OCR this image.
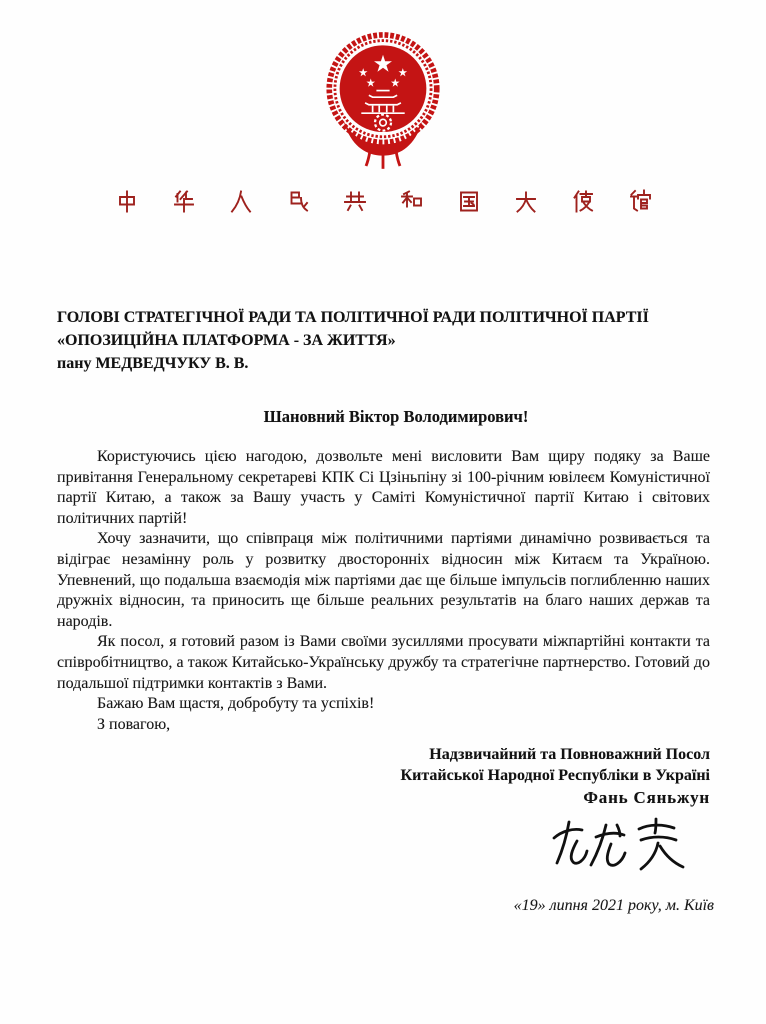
ГОЛОВІ СТРАТЕГІЧНОЇ РАДИ ТА ПОЛІТИЧНОЇ РАДИ ПОЛІТИЧНОЇ ПАРТІЇ
«ОПОЗИЦІЙНА ПЛАТФОРМА - ЗА ЖИТТЯ»
пану МЕДВЕДЧУКУ В. В.
Шановний Віктор Володимирович!

Користуючись цією нагодою, дозвольте мені висловити Вам щиру подяку за Ваше привітання Генеральному секретареві КПК Сі Цзіньпіну зі 100-річним ювілеєм Комуністичної партії Китаю, а також за Вашу участь у Саміті Комуністичної партії Китаю і світових політичних партій!

Хочу зазначити, що співпраця між політичними партіями динамічно розвивається та відіграє незамінну роль у розвитку двосторонніх відносин між Китаєм та Україною. Упевнений, що подальша взаємодія між партіями дає ще більше імпульсів поглибленню наших дружніх відносин, та приносить ще більше реальних результатів на благо наших держав та народів.

Як посол, я готовий разом із Вами своїми зусиллями просувати міжпартійні контакти та співробітництво, а також Китайсько-Українську дружбу та стратегічне партнерство. Готовий до подальшої підтримки контактів з Вами.

Бажаю Вам щастя, добробуту та успіхів!

З повагою,

Надзвичайний та Повноважний Посол
Китайської Народної Республіки в Україні
Фань Сяньжун
«19» липня 2021 року, м. Київ
